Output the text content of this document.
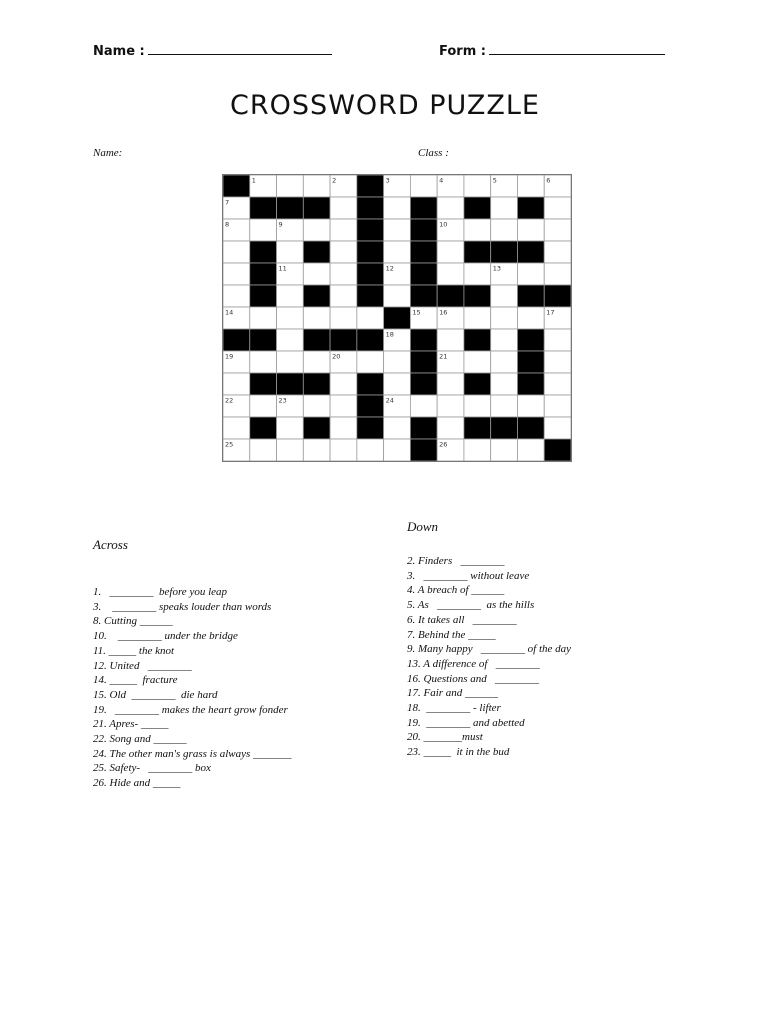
Name :	Form :
CROSSWORD PUZZLE
Name:	Class :
1	2	3	4	5	6
7
8	9	10
11	12	13
14	15	16	17
18
19	20	21
22	23	24
25	26
Across
1.   ________  before you leap
3.    ________ speaks louder than words
8. Cutting ______
10.    ________ under the bridge
11. _____ the knot
12. United   ________
14. _____  fracture
15. Old  ________  die hard
19.   ________ makes the heart grow fonder
21. Apres- _____
22. Song and ______
24. The other man's grass is always _______
25. Safety-   ________ box
26. Hide and _____
Down
2. Finders   ________
3.   ________ without leave
4. A breach of ______
5. As   ________  as the hills
6. It takes all   ________
7. Behind the _____
9. Many happy   ________ of the day
13. A difference of   ________
16. Questions and   ________
17. Fair and ______
18.  ________ - lifter
19.  ________ and abetted
20. _______must
23. _____  it in the bud
